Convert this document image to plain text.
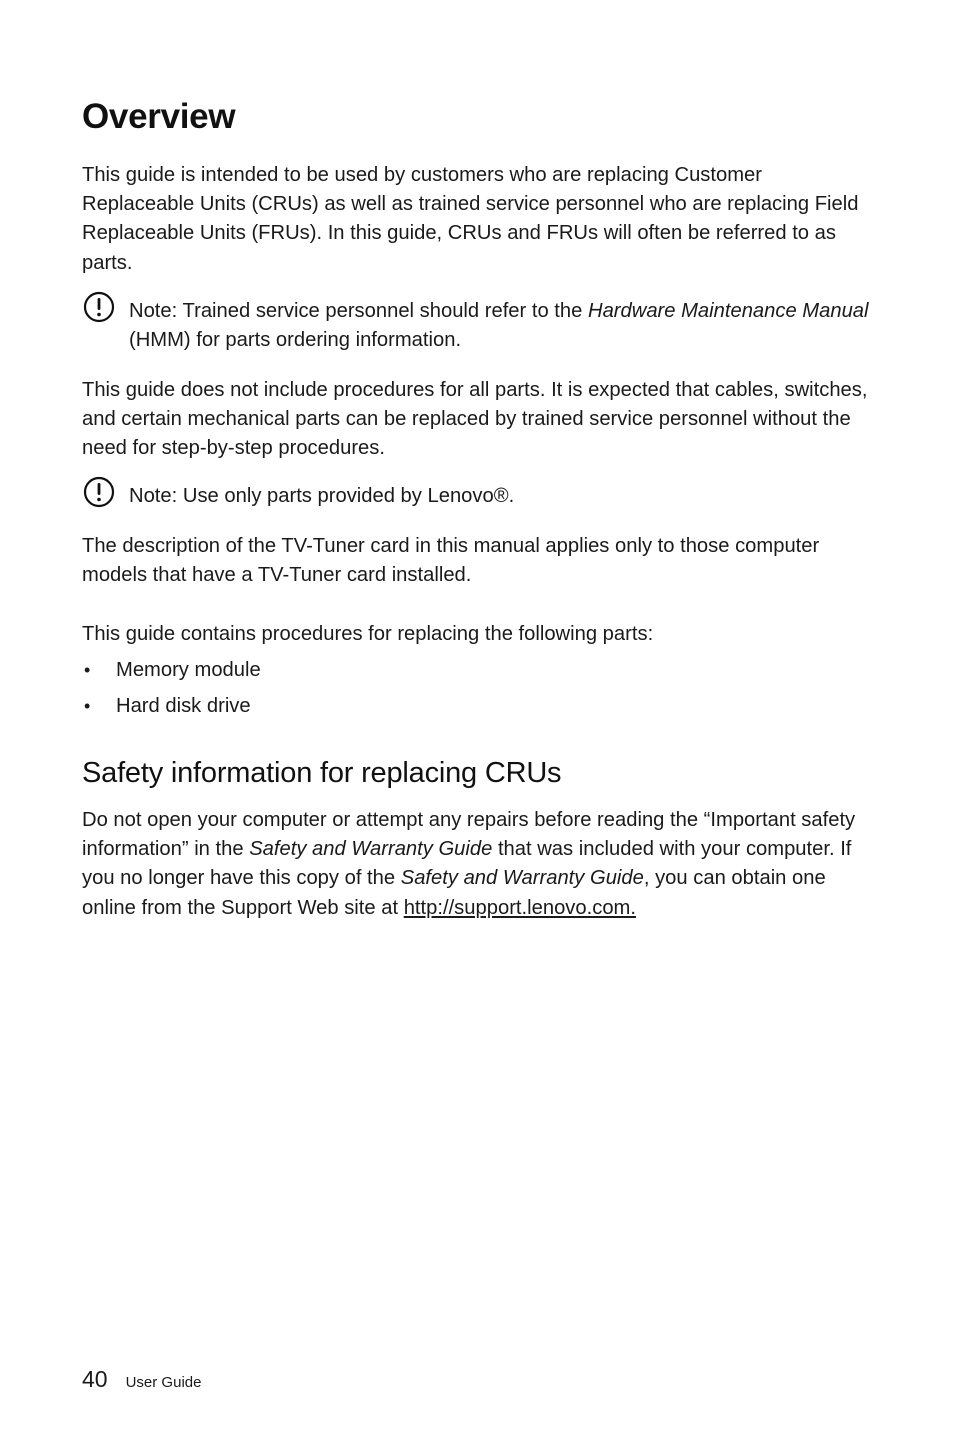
Overview

This guide is intended to be used by customers who are replacing Customer Replaceable Units (CRUs) as well as trained service personnel who are replacing Field Replaceable Units (FRUs). In this guide, CRUs and FRUs will often be referred to as parts.

Note: Trained service personnel should refer to the Hardware Maintenance Manual (HMM) for parts ordering information.

This guide does not include procedures for all parts. It is expected that cables, switches, and certain mechanical parts can be replaced by trained service personnel without the need for step-by-step procedures.

Note: Use only parts provided by Lenovo®.

The description of the TV-Tuner card in this manual applies only to those computer models that have a TV-Tuner card installed.

This guide contains procedures for replacing the following parts:

• Memory module
• Hard disk drive
Safety information for replacing CRUs

Do not open your computer or attempt any repairs before reading the “Important safety information” in the Safety and Warranty Guide that was included with your computer. If you no longer have this copy of the Safety and Warranty Guide, you can obtain one online from the Support Web site at http://support.lenovo.com.

40 User Guide
